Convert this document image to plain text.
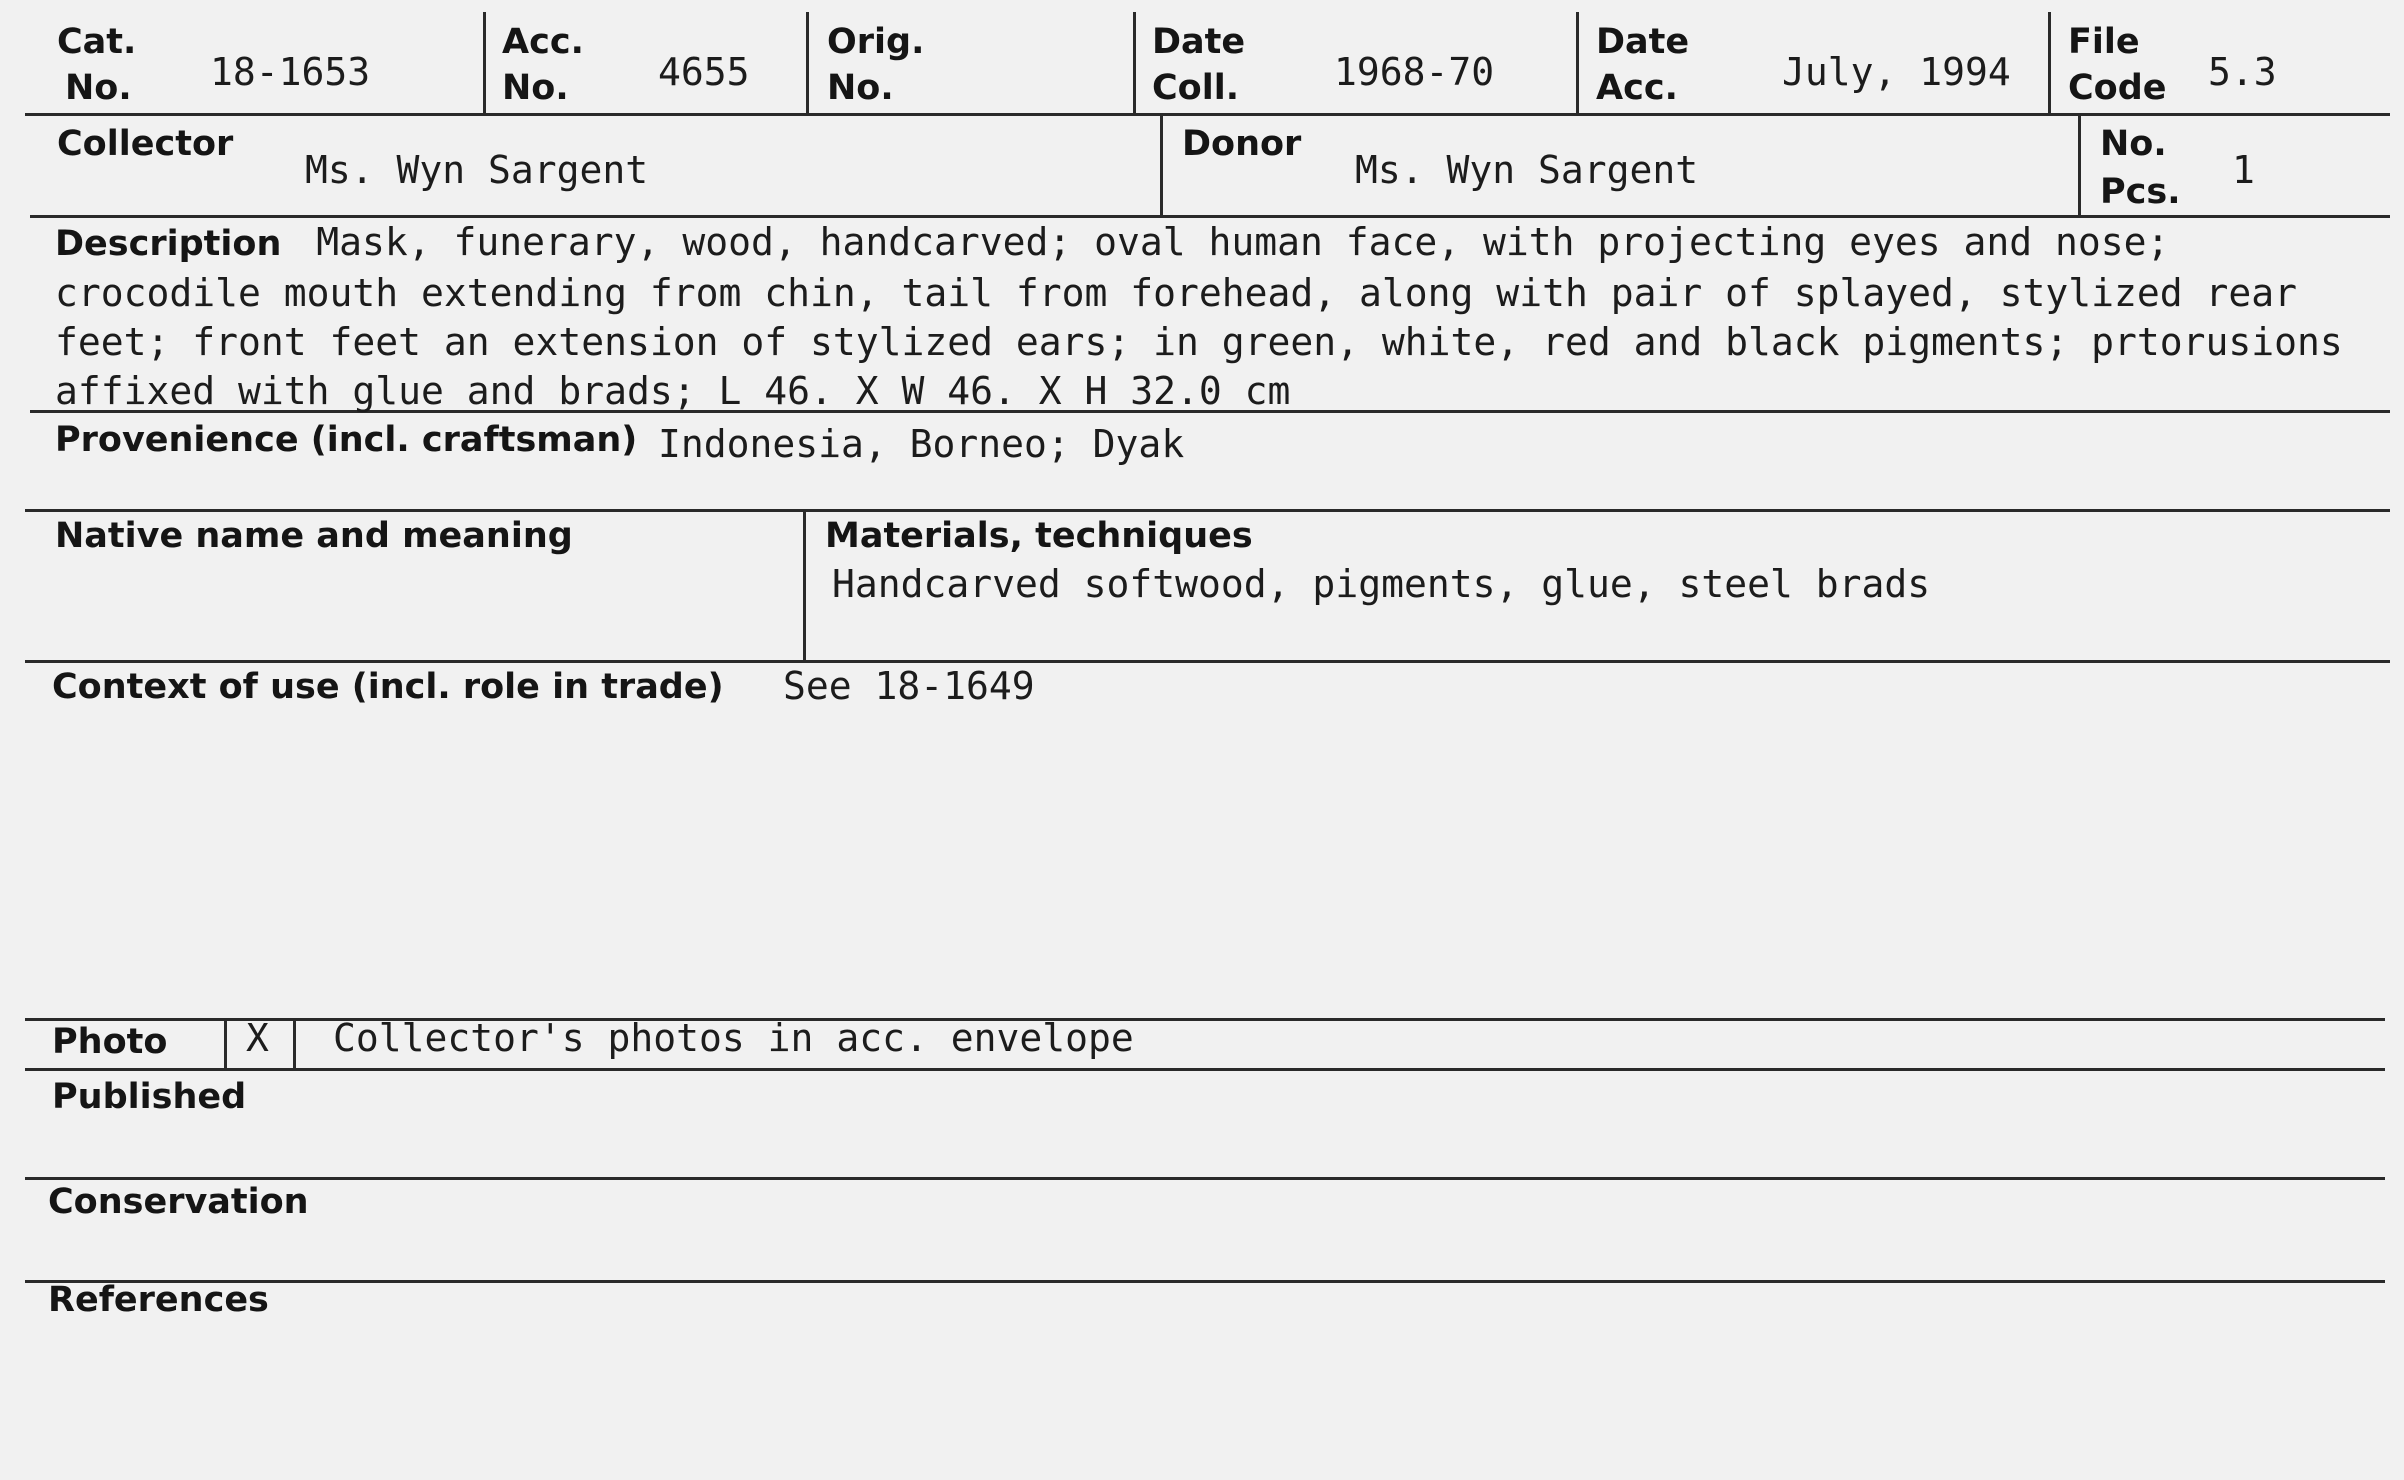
Cat.
No. 18-1653
Acc.
No. 4655
Orig.
No.
Date
Coll. 1968-70
Date
Acc.	July, 1994
File
Code 5.3
Collector
Ms. Wyn Sargent
Donor
Ms. Wyn Sargent
No.
Pcs. 1
Description Mask, funerary, wood, handcarved; oval human face, with projecting eyes and nose; crocodile mouth extending from chin, tail from forehead, along with pair of splayed, stylized rear feet; front feet an extension of stylized ears; in green, white, red and black pigments; prtorusions affixed with glue and brads; L 46. X W 46. X H 32.0 cm
Provenience (incl. craftsman) Indonesia, Borneo; Dyak
Native name and meaning	Materials, techniques
Handcarved softwood, pigments, glue, steel brads
Context of use (incl. role in trade) See 18-1649
Photo X Collector's photos in acc. envelope
Published
Conservation
References
